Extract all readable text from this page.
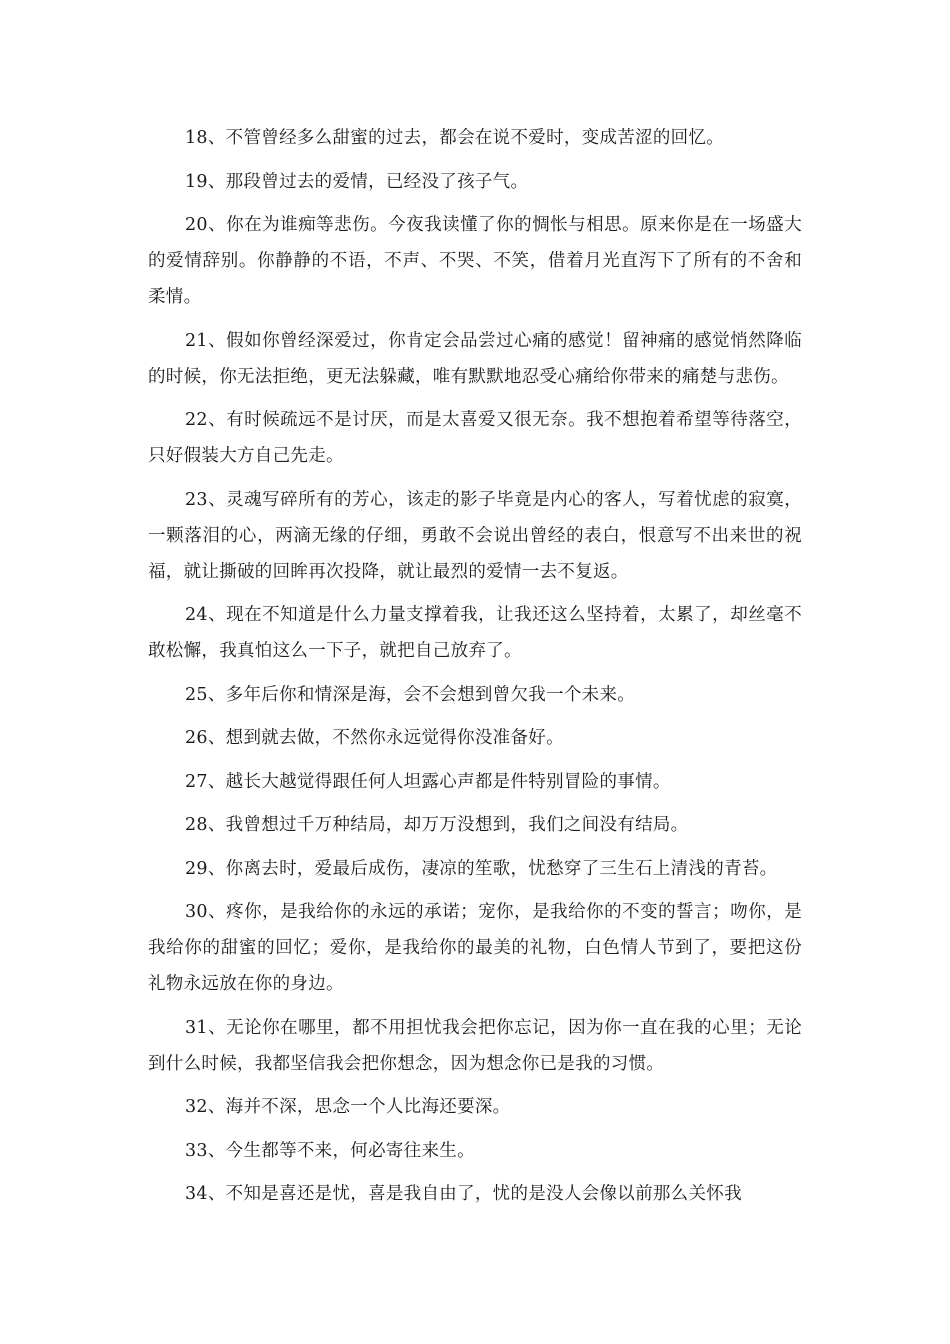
18、不管曾经多么甜蜜的过去，都会在说不爱时，变成苦涩的回忆。

19、那段曾过去的爱情，已经没了孩子气。

20、你在为谁痴等悲伤。今夜我读懂了你的惆怅与相思。原来你是在一场盛大的爱情辞别。你静静的不语，不声、不哭、不笑，借着月光直泻下了所有的不舍和柔情。

21、假如你曾经深爱过，你肯定会品尝过心痛的感觉！留神痛的感觉悄然降临的时候，你无法拒绝，更无法躲藏，唯有默默地忍受心痛给你带来的痛楚与悲伤。

22、有时候疏远不是讨厌，而是太喜爱又很无奈。我不想抱着希望等待落空，只好假装大方自己先走。

23、灵魂写碎所有的芳心，该走的影子毕竟是内心的客人，写着忧虑的寂寞，一颗落泪的心，两滴无缘的仔细，勇敢不会说出曾经的表白，恨意写不出来世的祝福，就让撕破的回眸再次投降，就让最烈的爱情一去不复返。

24、现在不知道是什么力量支撑着我，让我还这么坚持着，太累了，却丝毫不敢松懈，我真怕这么一下子，就把自己放弃了。

25、多年后你和情深是海，会不会想到曾欠我一个未来。

26、想到就去做，不然你永远觉得你没准备好。

27、越长大越觉得跟任何人坦露心声都是件特别冒险的事情。

28、我曾想过千万种结局，却万万没想到，我们之间没有结局。

29、你离去时，爱最后成伤，凄凉的笙歌，忧愁穿了三生石上清浅的青苔。

30、疼你，是我给你的永远的承诺；宠你，是我给你的不变的誓言；吻你，是我给你的甜蜜的回忆；爱你，是我给你的最美的礼物，白色情人节到了，要把这份礼物永远放在你的身边。

31、无论你在哪里，都不用担忧我会把你忘记，因为你一直在我的心里；无论到什么时候，我都坚信我会把你想念，因为想念你已是我的习惯。

32、海并不深，思念一个人比海还要深。

33、今生都等不来，何必寄往来生。

34、不知是喜还是忧，喜是我自由了，忧的是没人会像以前那么关怀我
